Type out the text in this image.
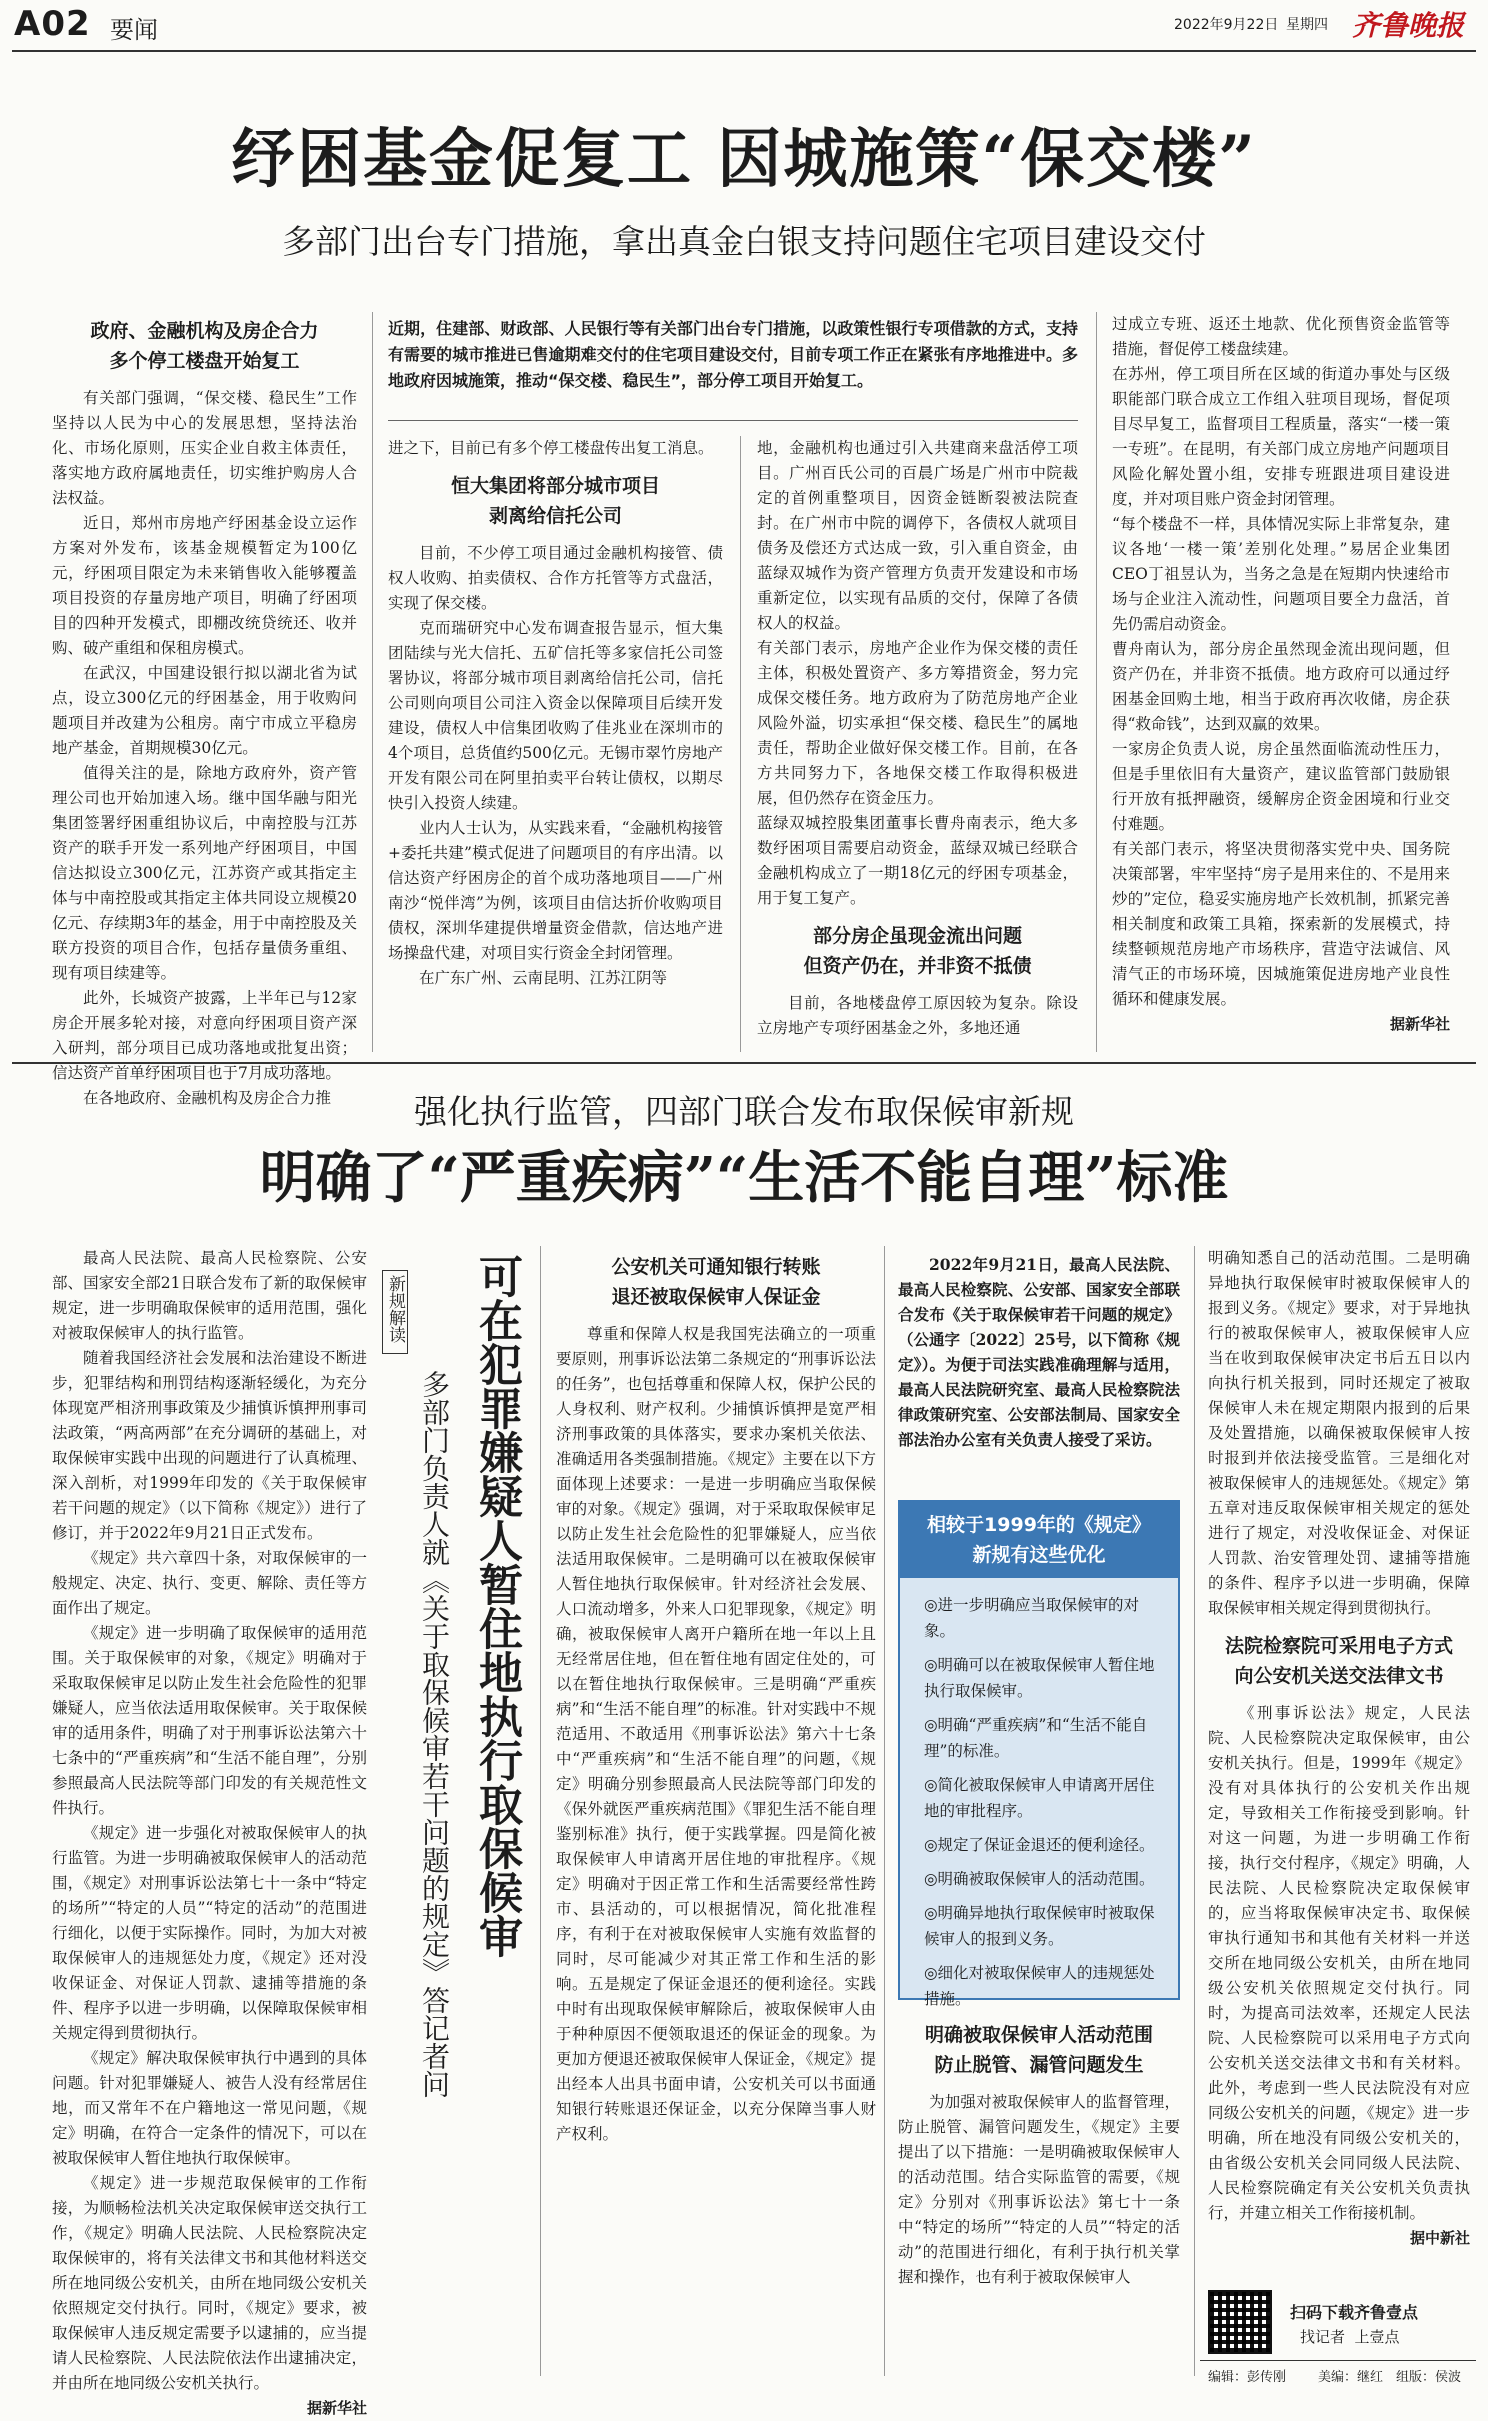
A02 要闻	2022年9月22日 星期四 齐鲁晚报
纾困基金促复工 因城施策“保交楼”
多部门出台专门措施，拿出真金白银支持问题住宅项目建设交付
政府、金融机构及房企合力
多个停工楼盘开始复工

有关部门强调，“保交楼、稳民生”工作坚持以人民为中心的发展思想，坚持法治化、市场化原则，压实企业自救主体责任，落实地方政府属地责任，切实维护购房人合法权益。

近日，郑州市房地产纾困基金设立运作方案对外发布，该基金规模暂定为100亿元，纾困项目限定为未来销售收入能够覆盖项目投资的存量房地产项目，明确了纾困项目的四种开发模式，即棚改统贷统还、收并购、破产重组和保租房模式。

在武汉，中国建设银行拟以湖北省为试点，设立300亿元的纾困基金，用于收购问题项目并改建为公租房。南宁市成立平稳房地产基金，首期规模30亿元。

值得关注的是，除地方政府外，资产管理公司也开始加速入场。继中国华融与阳光集团签署纾困重组协议后，中南控股与江苏资产的联手开发一系列地产纾困项目，中国信达拟设立300亿元，江苏资产或其指定主体与中南控股或其指定主体共同设立规模20亿元、存续期3年的基金，用于中南控股及关联方投资的项目合作，包括存量债务重组、现有项目续建等。

此外，长城资产披露，上半年已与12家房企开展多轮对接，对意向纾困项目资产深入研判，部分项目已成功落地或批复出资；信达资产首单纾困项目也于7月成功落地。

在各地政府、金融机构及房企合力推

近期，住建部、财政部、人民银行等有关部门出台专门措施，以政策性银行专项借款的方式，支持有需要的城市推进已售逾期难交付的住宅项目建设交付，目前专项工作正在紧张有序地推进中。多地政府因城施策，推动“保交楼、稳民生”，部分停工项目开始复工。

进之下，目前已有多个停工楼盘传出复工消息。

恒大集团将部分城市项目
剥离给信托公司

目前，不少停工项目通过金融机构接管、债权人收购、拍卖债权、合作方托管等方式盘活，实现了保交楼。

克而瑞研究中心发布调查报告显示，恒大集团陆续与光大信托、五矿信托等多家信托公司签署协议，将部分城市项目剥离给信托公司，信托公司则向项目公司注入资金以保障项目后续开发建设，债权人中信集团收购了佳兆业在深圳市的4个项目，总货值约500亿元。无锡市翠竹房地产开发有限公司在阿里拍卖平台转让债权，以期尽快引入投资人续建。

业内人士认为，从实践来看，“金融机构接管+委托共建”模式促进了问题项目的有序出清。以信达资产纾困房企的首个成功落地项目——广州南沙“悦伴湾”为例，该项目由信达折价收购项目债权，深圳华建提供增量资金借款，信达地产进场操盘代建，对项目实行资金全封闭管理。

在广东广州、云南昆明、江苏江阴等

地，金融机构也通过引入共建商来盘活停工项目。广州百氏公司的百晨广场是广州市中院裁定的首例重整项目，因资金链断裂被法院查封。在广州市中院的调停下，各债权人就项目债务及偿还方式达成一致，引入重自资金，由蓝绿双城作为资产管理方负责开发建设和市场重新定位，以实现有品质的交付，保障了各债权人的权益。

有关部门表示，房地产企业作为保交楼的责任主体，积极处置资产、多方筹措资金，努力完成保交楼任务。地方政府为了防范房地产企业风险外溢，切实承担“保交楼、稳民生”的属地责任，帮助企业做好保交楼工作。目前，在各方共同努力下，各地保交楼工作取得积极进展，但仍然存在资金压力。

蓝绿双城控股集团董事长曹舟南表示，绝大多数纾困项目需要启动资金，蓝绿双城已经联合金融机构成立了一期18亿元的纾困专项基金，用于复工复产。

部分房企虽现金流出问题
但资产仍在，并非资不抵债

目前，各地楼盘停工原因较为复杂。除设立房地产专项纾困基金之外，多地还通

过成立专班、返还土地款、优化预售资金监管等措施，督促停工楼盘续建。

在苏州，停工项目所在区域的街道办事处与区级职能部门联合成立工作组入驻项目现场，督促项目尽早复工，监督项目工程质量，落实“一楼一策一专班”。在昆明，有关部门成立房地产问题项目风险化解处置小组，安排专班跟进项目建设进度，并对项目账户资金封闭管理。

“每个楼盘不一样，具体情况实际上非常复杂，建议各地‘一楼一策’差别化处理。”易居企业集团CEO丁祖昱认为，当务之急是在短期内快速给市场与企业注入流动性，问题项目要全力盘活，首先仍需启动资金。

曹舟南认为，部分房企虽然现金流出现问题，但资产仍在，并非资不抵债。地方政府可以通过纾困基金回购土地，相当于政府再次收储，房企获得“救命钱”，达到双赢的效果。

一家房企负责人说，房企虽然面临流动性压力，但是手里依旧有大量资产，建议监管部门鼓励银行开放有抵押融资，缓解房企资金困境和行业交付难题。

有关部门表示，将坚决贯彻落实党中央、国务院决策部署，牢牢坚持“房子是用来住的、不是用来炒的”定位，稳妥实施房地产长效机制，抓紧完善相关制度和政策工具箱，探索新的发展模式，持续整顿规范房地产市场秩序，营造守法诚信、风清气正的市场环境，因城施策促进房地产业良性循环和健康发展。

据新华社

强化执行监管，四部门联合发布取保候审新规
明确了“严重疾病”“生活不能自理”标准

最高人民法院、最高人民检察院、公安部、国家安全部21日联合发布了新的取保候审规定，进一步明确取保候审的适用范围，强化对被取保候审人的执行监管。

随着我国经济社会发展和法治建设不断进步，犯罪结构和刑罚结构逐渐轻缓化，为充分体现宽严相济刑事政策及少捕慎诉慎押刑事司法政策，“两高两部”在充分调研的基础上，对取保候审实践中出现的问题进行了认真梳理、深入剖析，对1999年印发的《关于取保候审若干问题的规定》（以下简称《规定》）进行了修订，并于2022年9月21日正式发布。

《规定》共六章四十条，对取保候审的一般规定、决定、执行、变更、解除、责任等方面作出了规定。

《规定》进一步明确了取保候审的适用范围。关于取保候审的对象，《规定》明确对于采取取保候审足以防止发生社会危险性的犯罪嫌疑人，应当依法适用取保候审。关于取保候审的适用条件，明确了对于刑事诉讼法第六十七条中的“严重疾病”和“生活不能自理”，分别参照最高人民法院等部门印发的有关规范性文件执行。

《规定》进一步强化对被取保候审人的执行监管。为进一步明确被取保候审人的活动范围，《规定》对刑事诉讼法第七十一条中“特定的场所”“特定的人员”“特定的活动”的范围进行细化，以便于实际操作。同时，为加大对被取保候审人的违规惩处力度，《规定》还对没收保证金、对保证人罚款、逮捕等措施的条件、程序予以进一步明确，以保障取保候审相关规定得到贯彻执行。

《规定》解决取保候审执行中遇到的具体问题。针对犯罪嫌疑人、被告人没有经常居住地，而又常年不在户籍地这一常见问题，《规定》明确，在符合一定条件的情况下，可以在被取保候审人暂住地执行取保候审。

《规定》进一步规范取保候审的工作衔接，为顺畅检法机关决定取保候审送交执行工作，《规定》明确人民法院、人民检察院决定取保候审的，将有关法律文书和其他材料送交所在地同级公安机关，由所在地同级公安机关依照规定交付执行。同时，《规定》要求，被取保候审人违反规定需要予以逮捕的，应当提请人民检察院、人民法院依法作出逮捕决定，并由所在地同级公安机关执行。

据新华社

新规解读 可在犯罪嫌疑人暂住地执行取保候审
多部门负责人就《关于取保候审若干问题的规定》答记者问
公安机关可通知银行转账
退还被取保候审人保证金

尊重和保障人权是我国宪法确立的一项重要原则，刑事诉讼法第二条规定的“刑事诉讼法的任务”，也包括尊重和保障人权，保护公民的人身权利、财产权利。少捕慎诉慎押是宽严相济刑事政策的具体落实，要求办案机关依法、准确适用各类强制措施。《规定》主要在以下方面体现上述要求：一是进一步明确应当取保候审的对象。《规定》强调，对于采取取保候审足以防止发生社会危险性的犯罪嫌疑人，应当依法适用取保候审。二是明确可以在被取保候审人暂住地执行取保候审。针对经济社会发展、人口流动增多，外来人口犯罪现象，《规定》明确，被取保候审人离开户籍所在地一年以上且无经常居住地，但在暂住地有固定住处的，可以在暂住地执行取保候审。三是明确“严重疾病”和“生活不能自理”的标准。针对实践中不规范适用、不敢适用《刑事诉讼法》第六十七条中“严重疾病”和“生活不能自理”的问题，《规定》明确分别参照最高人民法院等部门印发的《保外就医严重疾病范围》《罪犯生活不能自理鉴别标准》执行，便于实践掌握。四是简化被取保候审人申请离开居住地的审批程序。《规定》明确对于因正常工作和生活需要经常性跨市、县活动的，可以根据情况，简化批准程序，有利于在对被取保候审人实施有效监督的同时，尽可能减少对其正常工作和生活的影响。五是规定了保证金退还的便利途径。实践中时有出现取保候审解除后，被取保候审人由于种种原因不便领取退还的保证金的现象。为更加方便退还被取保候审人保证金，《规定》提出经本人出具书面申请，公安机关可以书面通知银行转账退还保证金，以充分保障当事人财产权利。

2022年9月21日，最高人民法院、最高人民检察院、公安部、国家安全部联合发布《关于取保候审若干问题的规定》（公通字〔2022〕25号，以下简称《规定》）。为便于司法实践准确理解与适用，最高人民法院研究室、最高人民检察院法律政策研究室、公安部法制局、国家安全部法治办公室有关负责人接受了采访。

相较于1999年的《规定》
新规有这些优化
◎进一步明确应当取保候审的对象。
◎明确可以在被取保候审人暂住地执行取保候审。
◎明确“严重疾病”和“生活不能自理”的标准。
◎简化被取保候审人申请离开居住地的审批程序。
◎规定了保证金退还的便利途径。
◎明确被取保候审人的活动范围。
◎明确异地执行取保候审时被取保候审人的报到义务。
◎细化对被取保候审人的违规惩处措施。
明确被取保候审人活动范围
防止脱管、漏管问题发生

为加强对被取保候审人的监督管理，防止脱管、漏管问题发生，《规定》主要提出了以下措施：一是明确被取保候审人的活动范围。结合实际监管的需要，《规定》分别对《刑事诉讼法》第七十一条中“特定的场所”“特定的人员”“特定的活动”的范围进行细化，有利于执行机关掌握和操作，也有利于被取保候审人

明确知悉自己的活动范围。二是明确异地执行取保候审时被取保候审人的报到义务。《规定》要求，对于异地执行的被取保候审人，被取保候审人应当在收到取保候审决定书后五日以内向执行机关报到，同时还规定了被取保候审人未在规定期限内报到的后果及处置措施，以确保被取保候审人按时报到并依法接受监管。三是细化对被取保候审人的违规惩处。《规定》第五章对违反取保候审相关规定的惩处进行了规定，对没收保证金、对保证人罚款、治安管理处罚、逮捕等措施的条件、程序予以进一步明确，保障取保候审相关规定得到贯彻执行。

法院检察院可采用电子方式
向公安机关送交法律文书

《刑事诉讼法》规定，人民法院、人民检察院决定取保候审，由公安机关执行。但是，1999年《规定》没有对具体执行的公安机关作出规定，导致相关工作衔接受到影响。针对这一问题，为进一步明确工作衔接，执行交付程序，《规定》明确，人民法院、人民检察院决定取保候审的，应当将取保候审决定书、取保候审执行通知书和其他有关材料一并送交所在地同级公安机关，由所在地同级公安机关依照规定交付执行。同时，为提高司法效率，还规定人民法院、人民检察院可以采用电子方式向公安机关送交法律文书和有关材料。此外，考虑到一些人民法院没有对应同级公安机关的问题，《规定》进一步明确，所在地没有同级公安机关的，由省级公安机关会同同级人民法院、人民检察院确定有关公安机关负责执行，并建立相关工作衔接机制。

据中新社

扫码下载齐鲁壹点
找记者  上壹点
编辑：彭传刚 美编：继红 组版：侯波
